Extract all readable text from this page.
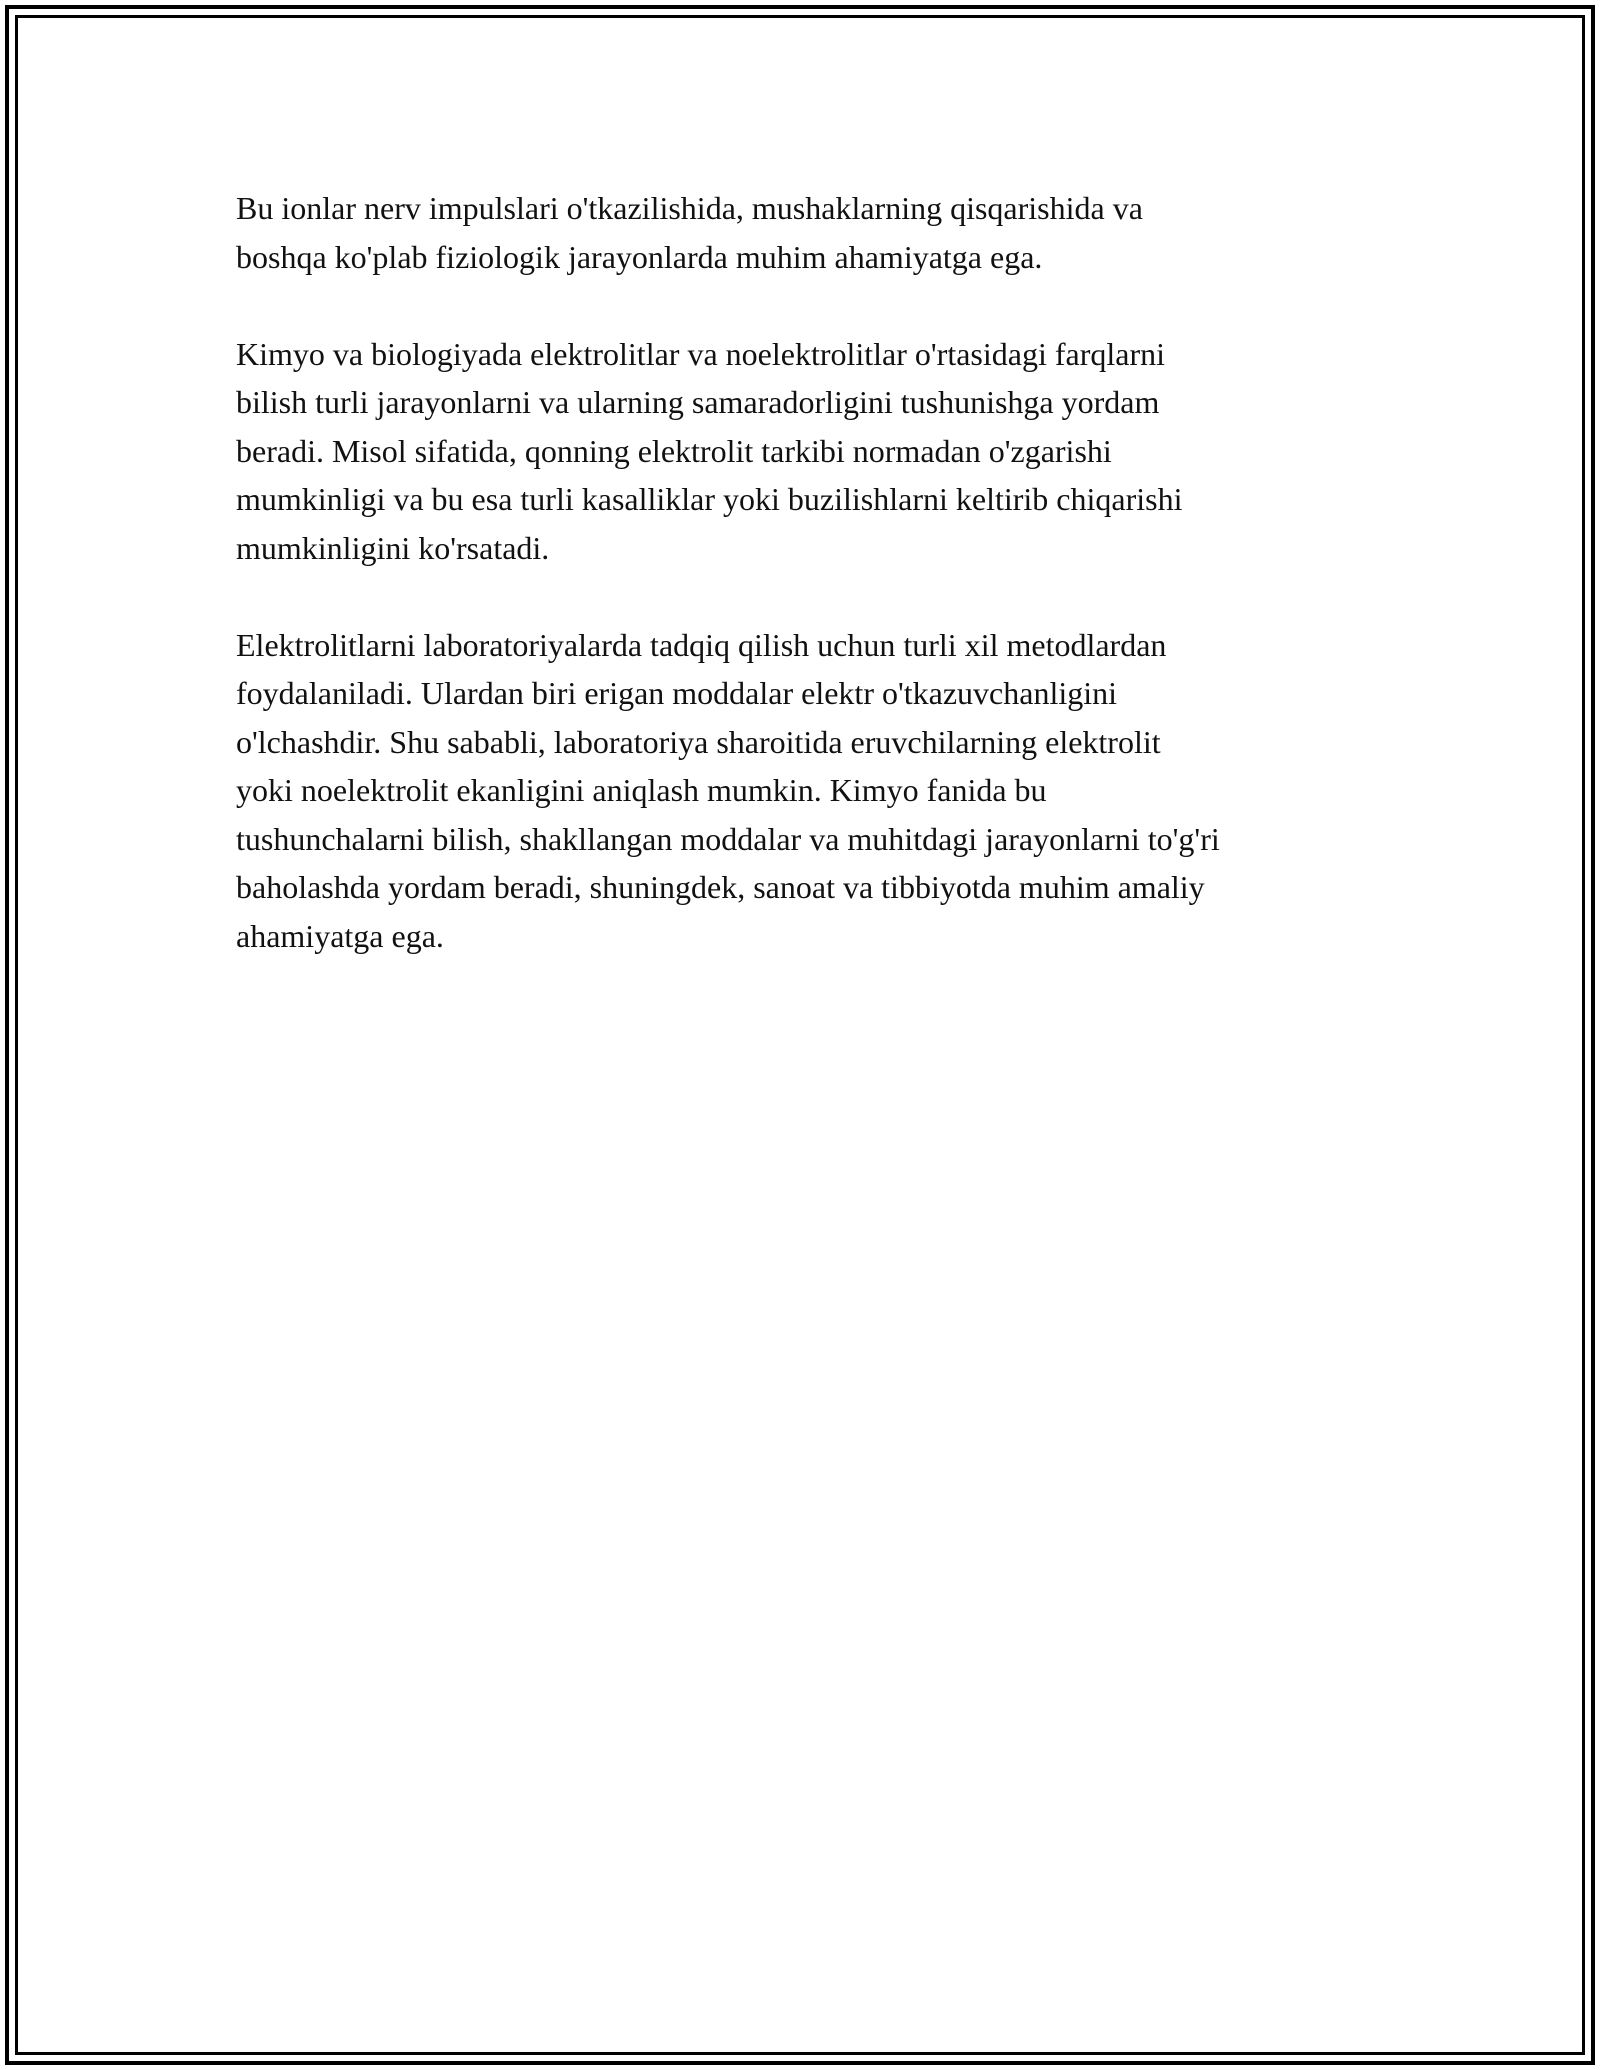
Bu ionlar nerv impulslari o'tkazilishida, mushaklarning qisqarishida va
boshqa ko'plab fiziologik jarayonlarda muhim ahamiyatga ega.

Kimyo va biologiyada elektrolitlar va noelektrolitlar o'rtasidagi farqlarni
bilish turli jarayonlarni va ularning samaradorligini tushunishga yordam
beradi. Misol sifatida, qonning elektrolit tarkibi normadan o'zgarishi
mumkinligi va bu esa turli kasalliklar yoki buzilishlarni keltirib chiqarishi
mumkinligini ko'rsatadi.

Elektrolitlarni laboratoriyalarda tadqiq qilish uchun turli xil metodlardan
foydalaniladi. Ulardan biri erigan moddalar elektr o'tkazuvchanligini
o'lchashdir. Shu sababli, laboratoriya sharoitida eruvchilarning elektrolit
yoki noelektrolit ekanligini aniqlash mumkin. Kimyo fanida bu
tushunchalarni bilish, shakllangan moddalar va muhitdagi jarayonlarni to'g'ri
baholashda yordam beradi, shuningdek, sanoat va tibbiyotda muhim amaliy
ahamiyatga ega.
